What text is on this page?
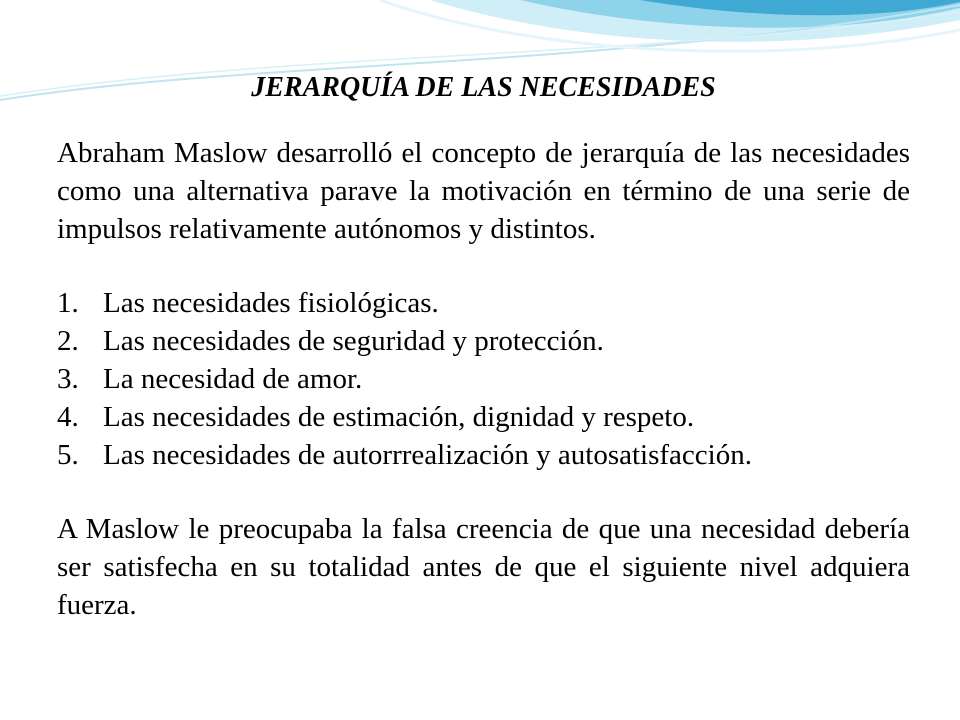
JERARQUÍA DE LAS NECESIDADES

Abraham Maslow desarrolló el concepto de jerarquía de las necesidades como una alternativa parave la motivación en término de una serie de impulsos relativamente autónomos y distintos.

1. Las necesidades fisiológicas.
2. Las necesidades de seguridad y protección.
3. La necesidad de amor.
4. Las necesidades de estimación, dignidad y respeto.
5. Las necesidades de autorrrealización y autosatisfacción.

A Maslow le preocupaba la falsa creencia de que una necesidad debería ser satisfecha en su totalidad antes de que el siguiente nivel adquiera fuerza.
